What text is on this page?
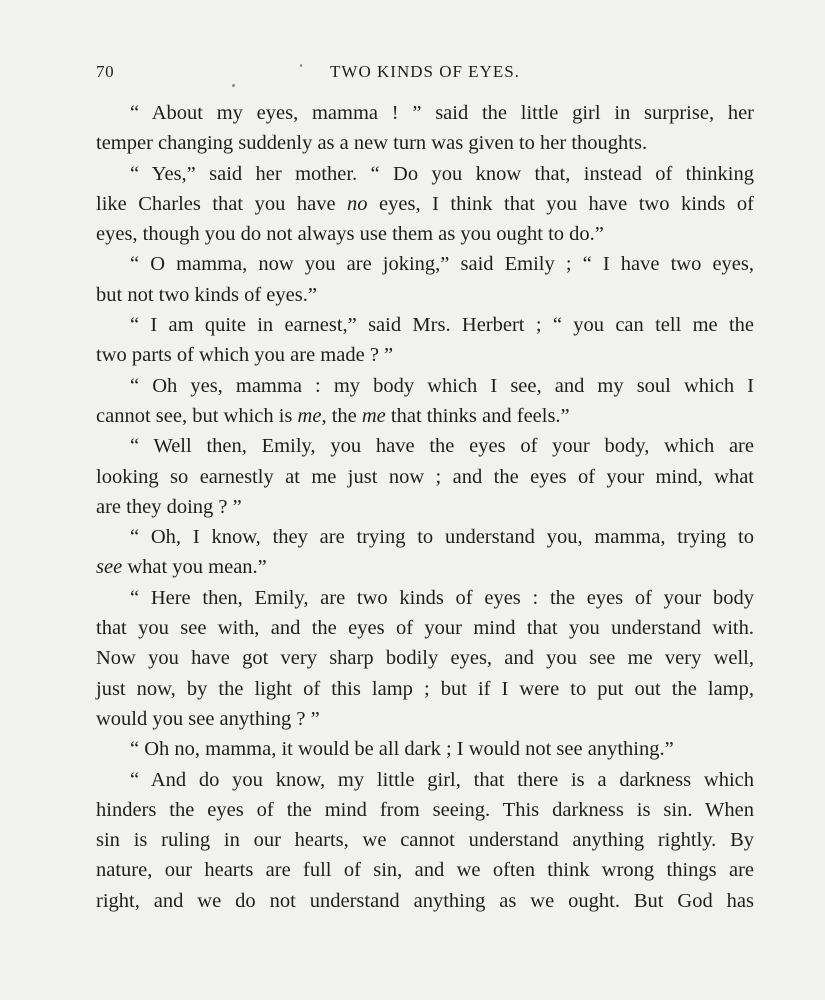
70	TWO KINDS OF EYES.
“ About my eyes, mamma ! ” said the little girl in surprise, her
temper changing suddenly as a new turn was given to her thoughts.
“ Yes,” said her mother. “ Do you know that, instead of thinking
like Charles that you have no eyes, I think that you have two kinds of
eyes, though you do not always use them as you ought to do.”
“ O mamma, now you are joking,” said Emily ; “ I have two eyes,
but not two kinds of eyes.”
“ I am quite in earnest,” said Mrs. Herbert ; “ you can tell me the
two parts of which you are made ? ”
“ Oh yes, mamma : my body which I see, and my soul which I
cannot see, but which is me, the me that thinks and feels.”
“ Well then, Emily, you have the eyes of your body, which are
looking so earnestly at me just now ; and the eyes of your mind, what
are they doing ? ”
“ Oh, I know, they are trying to understand you, mamma, trying to
see what you mean.”
“ Here then, Emily, are two kinds of eyes : the eyes of your body
that you see with, and the eyes of your mind that you understand with.
Now you have got very sharp bodily eyes, and you see me very well,
just now, by the light of this lamp ; but if I were to put out the lamp,
would you see anything ? ”
“ Oh no, mamma, it would be all dark ; I would not see anything.”
“ And do you know, my little girl, that there is a darkness which
hinders the eyes of the mind from seeing. This darkness is sin. When
sin is ruling in our hearts, we cannot understand anything rightly. By
nature, our hearts are full of sin, and we often think wrong things are
right, and we do not understand anything as we ought. But God has
